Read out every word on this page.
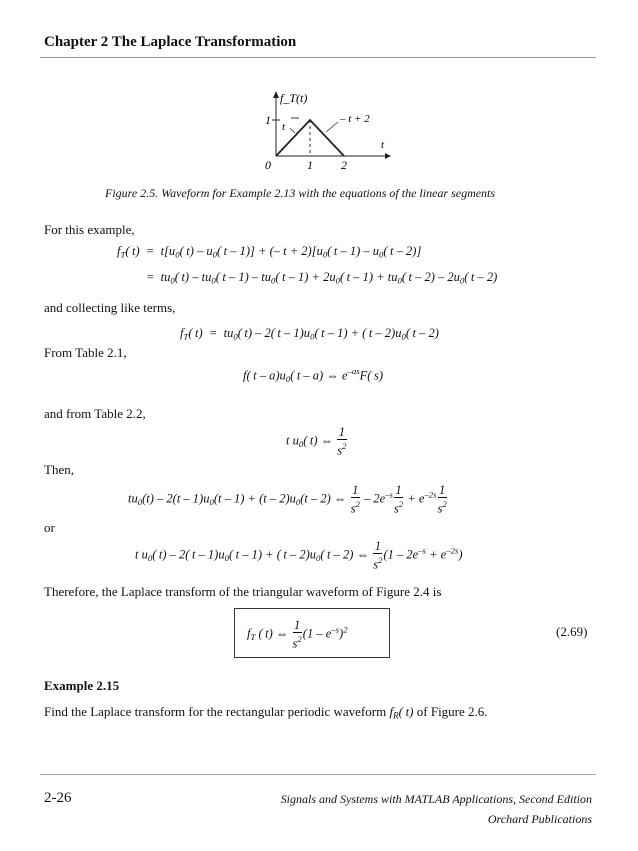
Chapter 2 The Laplace Transformation
f_T(t)
1 t
– t + 2
0	1 2
t
Figure 2.5. Waveform for Example 2.13 with the equations of the linear segments
For this example,
$f_T$( $t) = t[u_0$( $t) - u_0$( t – 1)] + (– $t + 2)[u_0$( t – $1) - u_0$( t – 2)]
=  $tu_0$( $t) - tu_0$( t – $1) - tu_0$( $t - 1) + 2u_0$( $t - 1) + tu_0$( t – $2) - 2u_0$( t – 2)
and collecting like terms,
$f_T$( $t) = tu_0$( t) – 2( t – $1)u_0$( t – 1) + ( t – $2)u_0$( t – 2)
From Table 2.1,
f( t – $a)u_0$( t – a) ⇔ $e^{-as}F$( s)
and from Table 2.2,
t $u_0$( t) ⇔ $\frac{1}{s^2}$
Then,
$tu_0(t) - 2(t - 1)u_0(t - 1) + (t - 2)u_0(t - 2)$ ⇔ $\frac{1}{s^2} - 2e^{-s} \frac{1}{s^2} + e^{-2s} \frac{1}{s^2}$
or
t $u_0$( t) – 2( t – $1)u_0$( t – 1) + ( t – $2)u_0$( t – 2) ⇔ $\frac{1}{s^2} (1 - 2e^{-s} + e^{-2s})$
Therefore, the Laplace transform of the triangular waveform of Figure 2.4 is
$f_T$ ( t) ⇔ $\frac{1}{s^2} (1 - e^{-s})^2$	(2.69)
Example 2.15
Find the Laplace transform for the rectangular periodic waveform $f_R$( t) of Figure 2.6.
2-26	Signals and Systems with MATLAB Applications, Second Edition
Orchard Publications
